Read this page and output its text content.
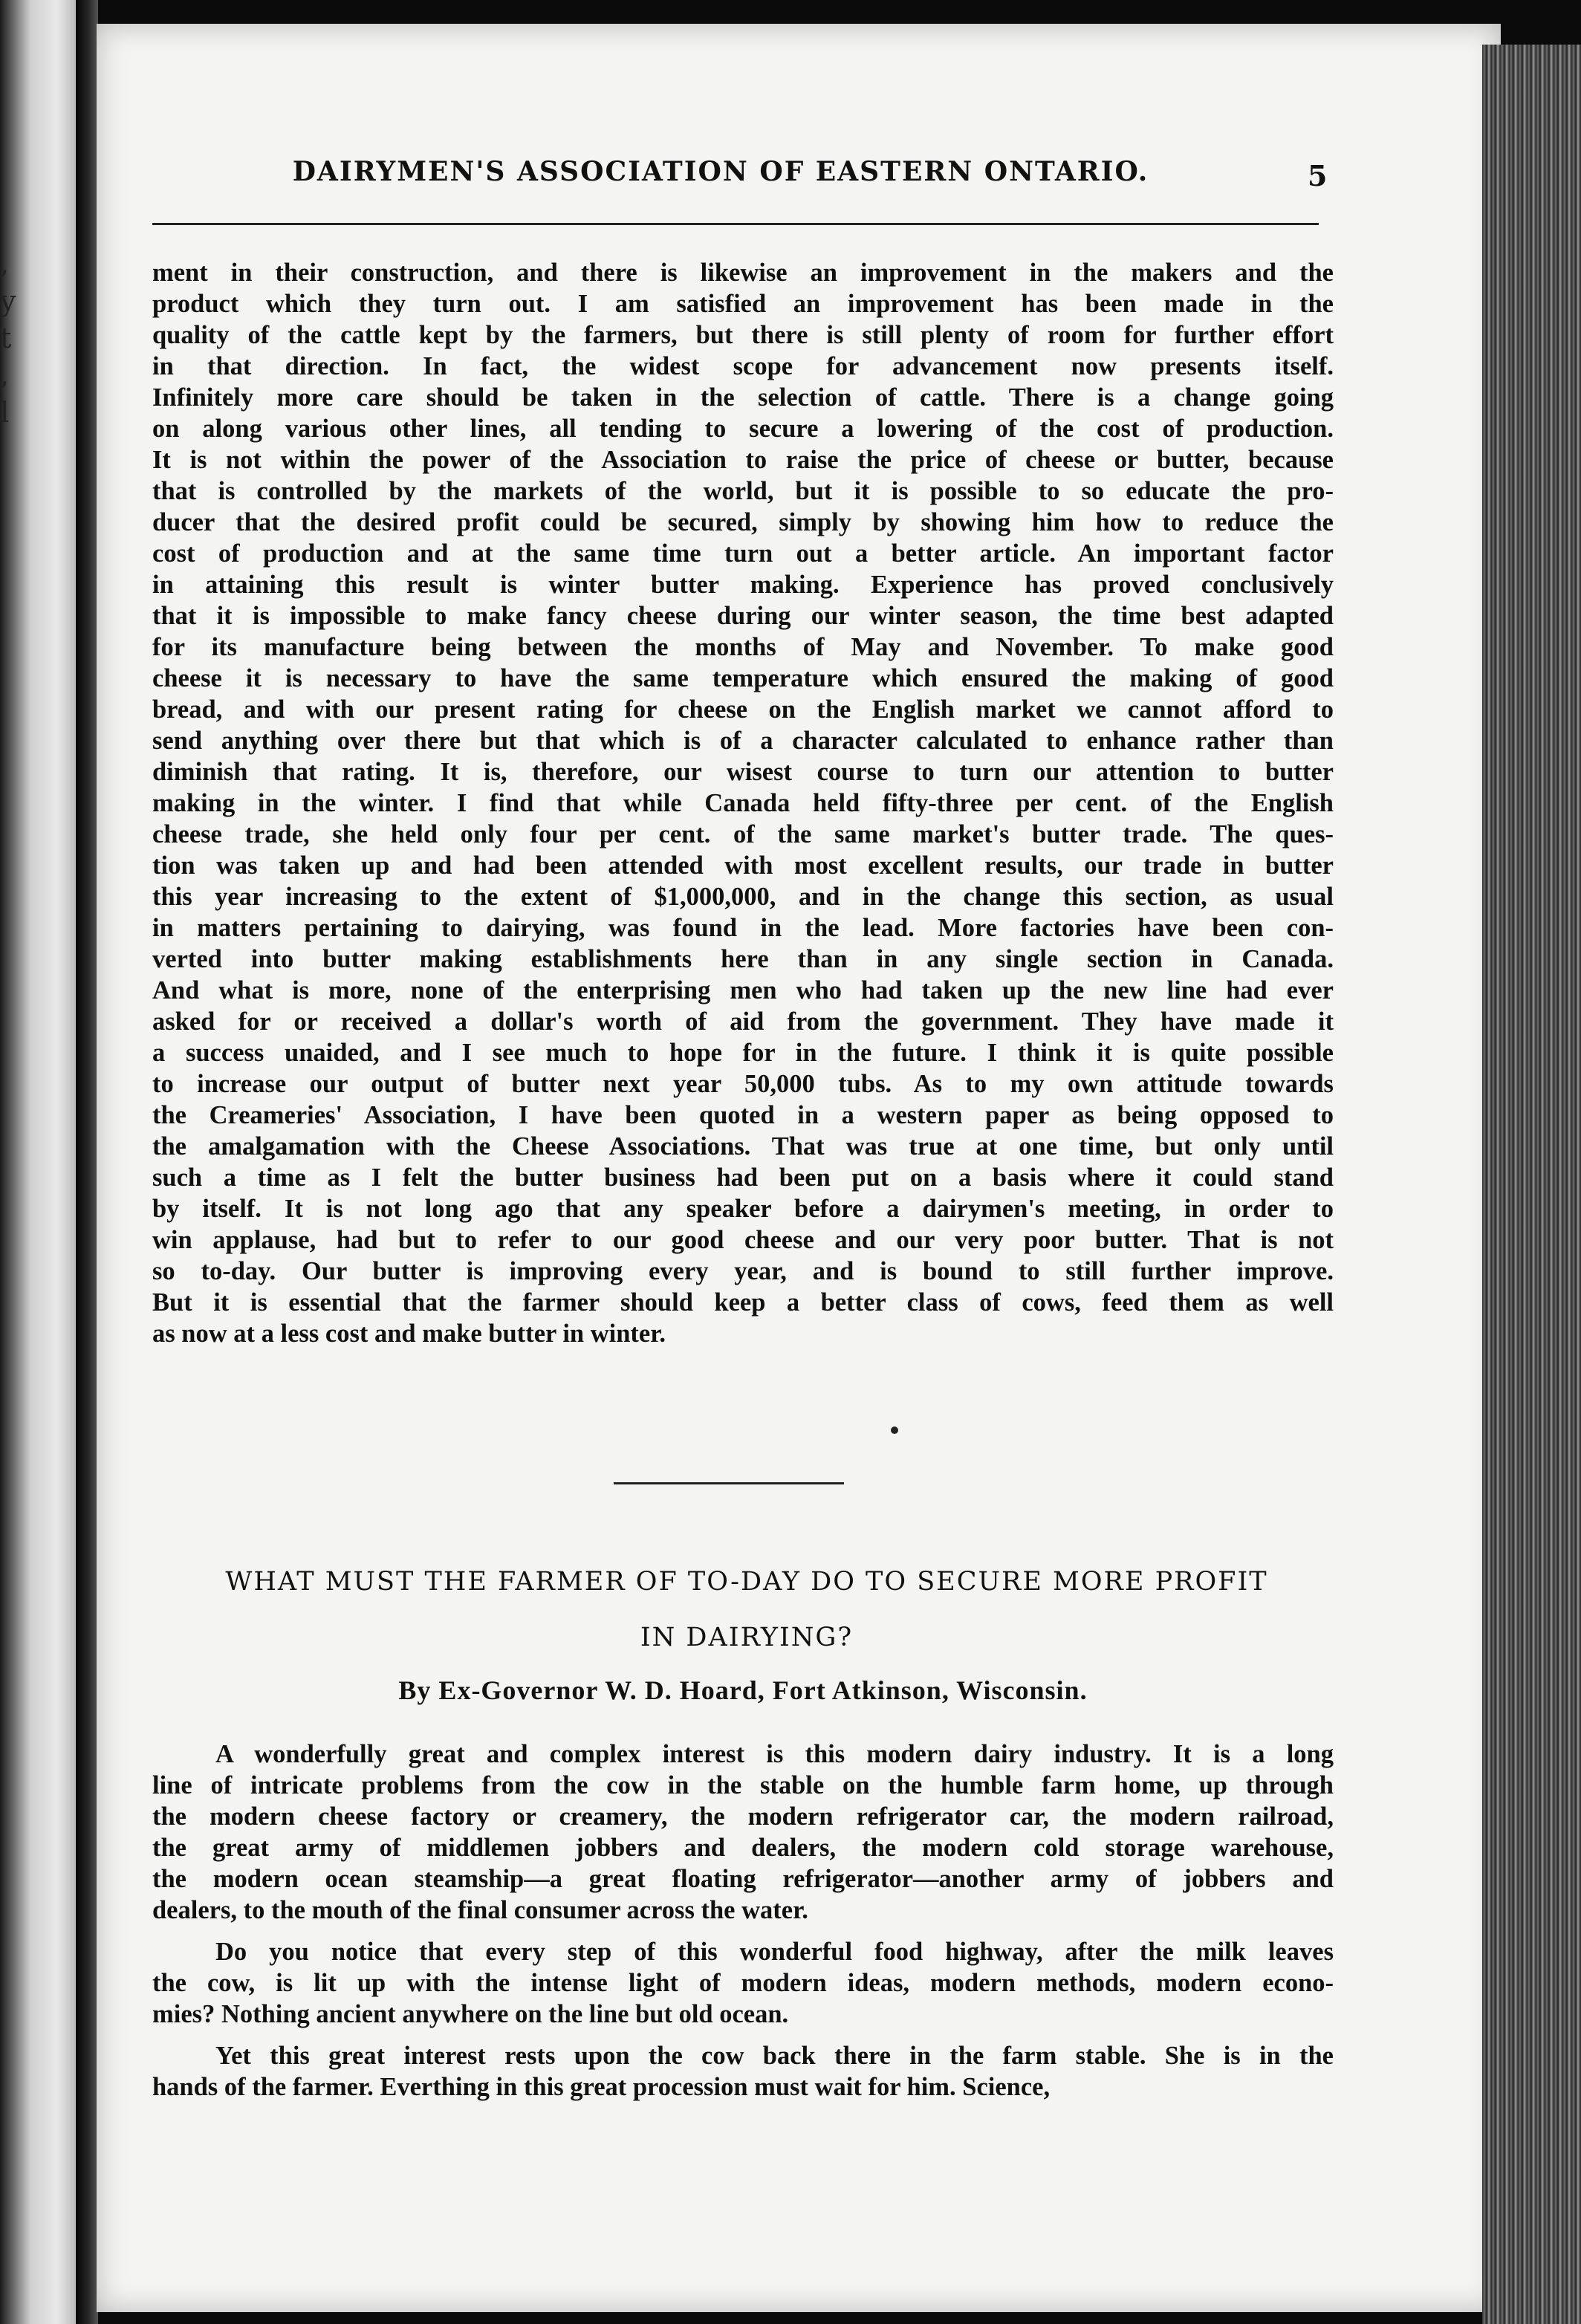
,
y
t
,
l
DAIRYMEN'S ASSOCIATION OF EASTERN ONTARIO.	5
ment in their construction, and there is likewise an improvement in the makers and the
product which they turn out. I am satisfied an improvement has been made in the
quality of the cattle kept by the farmers, but there is still plenty of room for further effort
in that direction. In fact, the widest scope for advancement now presents itself.
Infinitely more care should be taken in the selection of cattle. There is a change going
on along various other lines, all tending to secure a lowering of the cost of production.
It is not within the power of the Association to raise the price of cheese or butter, because
that is controlled by the markets of the world, but it is possible to so educate the pro-
ducer that the desired profit could be secured, simply by showing him how to reduce the
cost of production and at the same time turn out a better article. An important factor
in attaining this result is winter butter making. Experience has proved conclusively
that it is impossible to make fancy cheese during our winter season, the time best adapted
for its manufacture being between the months of May and November. To make good
cheese it is necessary to have the same temperature which ensured the making of good
bread, and with our present rating for cheese on the English market we cannot afford to
send anything over there but that which is of a character calculated to enhance rather than
diminish that rating. It is, therefore, our wisest course to turn our attention to butter
making in the winter. I find that while Canada held fifty-three per cent. of the English
cheese trade, she held only four per cent. of the same market's butter trade. The ques-
tion was taken up and had been attended with most excellent results, our trade in butter
this year increasing to the extent of $1,000,000, and in the change this section, as usual
in matters pertaining to dairying, was found in the lead. More factories have been con-
verted into butter making establishments here than in any single section in Canada.
And what is more, none of the enterprising men who had taken up the new line had ever
asked for or received a dollar's worth of aid from the government. They have made it
a success unaided, and I see much to hope for in the future. I think it is quite possible
to increase our output of butter next year 50,000 tubs. As to my own attitude towards
the Creameries' Association, I have been quoted in a western paper as being opposed to
the amalgamation with the Cheese Associations. That was true at one time, but only until
such a time as I felt the butter business had been put on a basis where it could stand
by itself. It is not long ago that any speaker before a dairymen's meeting, in order to
win applause, had but to refer to our good cheese and our very poor butter. That is not
so to-day. Our butter is improving every year, and is bound to still further improve.
But it is essential that the farmer should keep a better class of cows, feed them as well
as now at a less cost and make butter in winter.
WHAT MUST THE FARMER OF TO-DAY DO TO SECURE MORE PROFIT
IN DAIRYING?
By Ex-Governor W. D. Hoard, Fort Atkinson, Wisconsin.
A wonderfully great and complex interest is this modern dairy industry. It is a long
line of intricate problems from the cow in the stable on the humble farm home, up through
the modern cheese factory or creamery, the modern refrigerator car, the modern railroad,
the great army of middlemen jobbers and dealers, the modern cold storage warehouse,
the modern ocean steamship—a great floating refrigerator—another army of jobbers and
dealers, to the mouth of the final consumer across the water.
Do you notice that every step of this wonderful food highway, after the milk leaves
the cow, is lit up with the intense light of modern ideas, modern methods, modern econo-
mies? Nothing ancient anywhere on the line but old ocean.
Yet this great interest rests upon the cow back there in the farm stable. She is in the
hands of the farmer. Everthing in this great procession must wait for him. Science,
